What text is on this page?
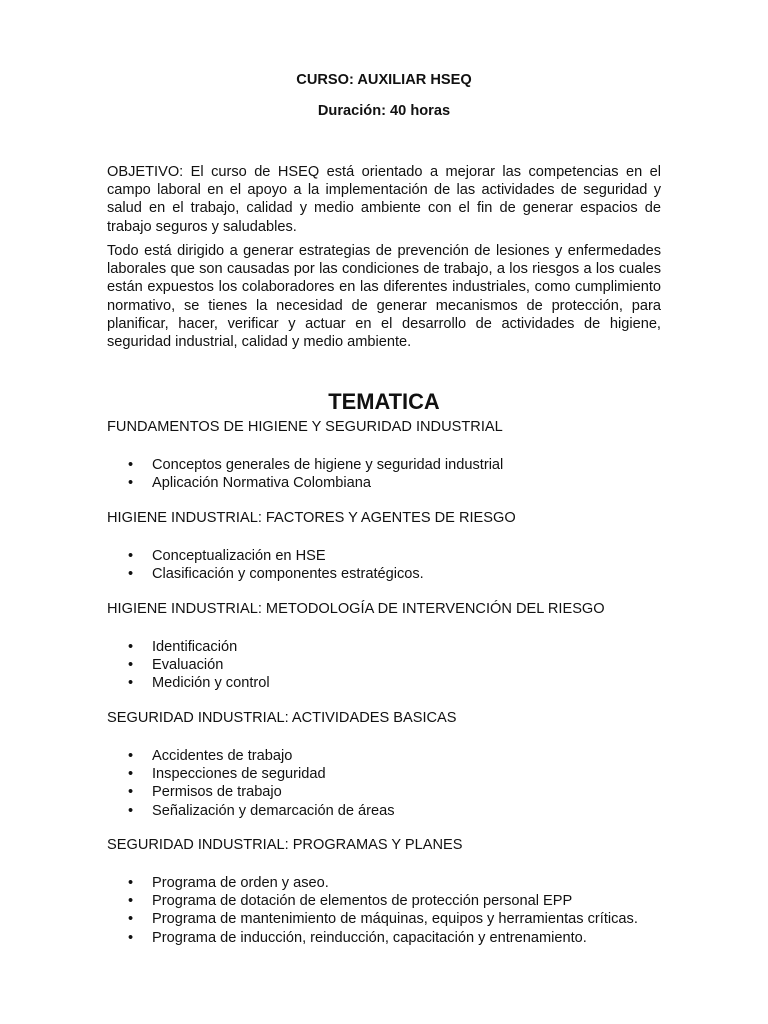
CURSO: AUXILIAR HSEQ
Duración: 40 horas

OBJETIVO: El curso de HSEQ está orientado a mejorar las competencias en el campo laboral en el apoyo a la implementación de las actividades de seguridad y salud en el trabajo, calidad y medio ambiente con el fin de generar espacios de trabajo seguros y saludables.

Todo está dirigido a generar estrategias de prevención de lesiones y enfermedades laborales que son causadas por las condiciones de trabajo, a los riesgos a los cuales están expuestos los colaboradores en las diferentes industriales, como cumplimiento normativo, se tienes la necesidad de generar mecanismos de protección, para planificar, hacer, verificar y actuar en el desarrollo de actividades de higiene, seguridad industrial, calidad y medio ambiente.

TEMATICA
FUNDAMENTOS DE HIGIENE Y SEGURIDAD INDUSTRIAL
• Conceptos generales de higiene y seguridad industrial
• Aplicación Normativa Colombiana
HIGIENE INDUSTRIAL: FACTORES Y AGENTES DE RIESGO
• Conceptualización en HSE
• Clasificación y componentes estratégicos.
HIGIENE INDUSTRIAL: METODOLOGÍA DE INTERVENCIÓN DEL RIESGO
• Identificación
• Evaluación
• Medición y control
SEGURIDAD INDUSTRIAL: ACTIVIDADES BASICAS
• Accidentes de trabajo
• Inspecciones de seguridad
• Permisos de trabajo
• Señalización y demarcación de áreas
SEGURIDAD INDUSTRIAL: PROGRAMAS Y PLANES
• Programa de orden y aseo.
• Programa de dotación de elementos de protección personal EPP
• Programa de mantenimiento de máquinas, equipos y herramientas críticas.
• Programa de inducción, reinducción, capacitación y entrenamiento.
